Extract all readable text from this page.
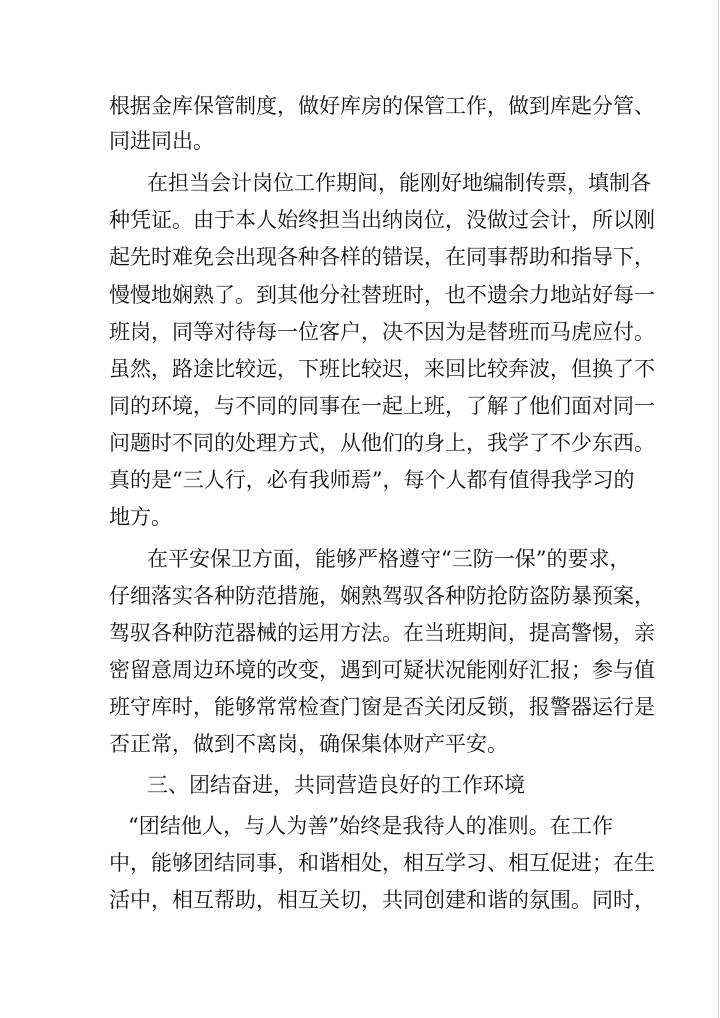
根据金库保管制度，做好库房的保管工作，做到库匙分管、
同进同出。
在担当会计岗位工作期间，能刚好地编制传票，填制各
种凭证。由于本人始终担当出纳岗位，没做过会计，所以刚
起先时难免会出现各种各样的错误，在同事帮助和指导下，
慢慢地娴熟了。到其他分社替班时，也不遗余力地站好每一
班岗，同等对待每一位客户，决不因为是替班而马虎应付。
虽然，路途比较远，下班比较迟，来回比较奔波，但换了不
同的环境，与不同的同事在一起上班，了解了他们面对同一
问题时不同的处理方式，从他们的身上，我学了不少东西。
真的是“三人行，必有我师焉”，每个人都有值得我学习的
地方。
在平安保卫方面，能够严格遵守“三防一保”的要求，
仔细落实各种防范措施，娴熟驾驭各种防抢防盗防暴预案，
驾驭各种防范器械的运用方法。在当班期间，提高警惕，亲
密留意周边环境的改变，遇到可疑状况能刚好汇报；参与值
班守库时，能够常常检查门窗是否关闭反锁，报警器运行是
否正常，做到不离岗，确保集体财产平安。
三、团结奋进，共同营造良好的工作环境
“团结他人，与人为善”始终是我待人的准则。在工作
中，能够团结同事，和谐相处，相互学习、相互促进；在生
活中，相互帮助，相互关切，共同创建和谐的氛围。同时，
